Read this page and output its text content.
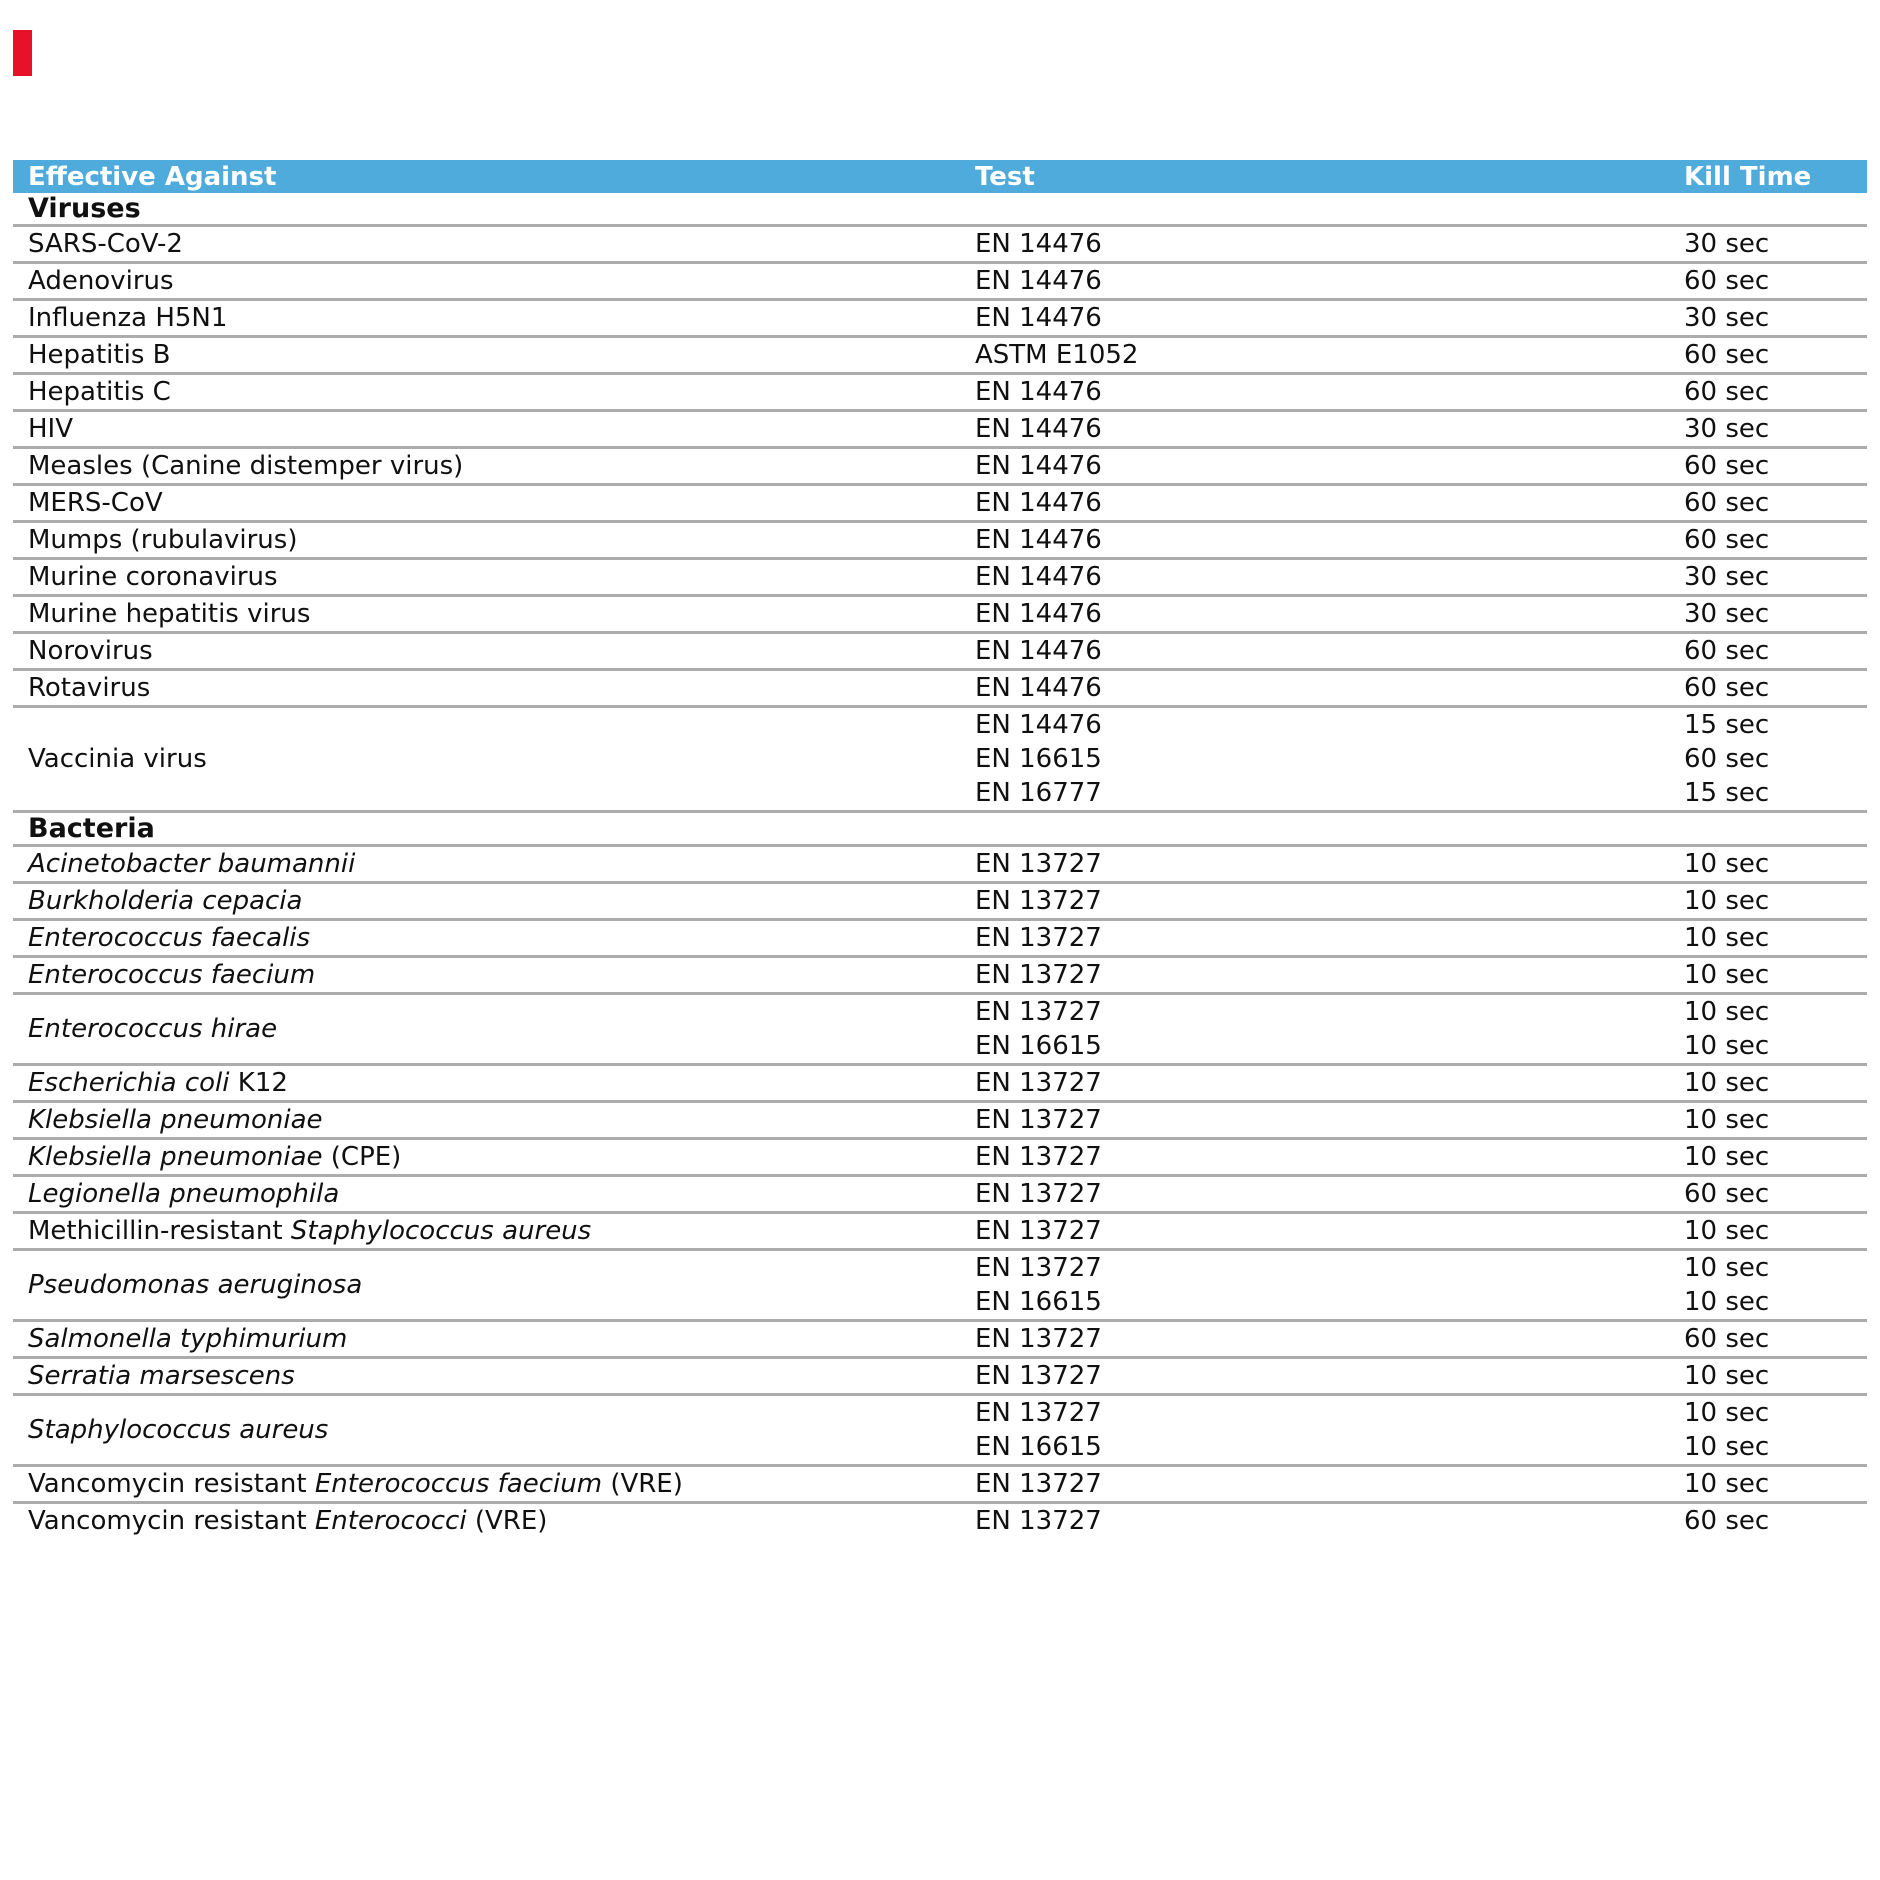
Effective Against	Test	Kill Time
Viruses
SARS-CoV-2	EN 14476	30 sec
Adenovirus	EN 14476	60 sec
Influenza H5N1	EN 14476	30 sec
Hepatitis B	ASTM E1052	60 sec
Hepatitis C	EN 14476	60 sec
HIV	EN 14476	30 sec
Measles (Canine distemper virus)	EN 14476	60 sec
MERS-CoV	EN 14476	60 sec
Mumps (rubulavirus)	EN 14476	60 sec
Murine coronavirus	EN 14476	30 sec
Murine hepatitis virus	EN 14476	30 sec
Norovirus	EN 14476	60 sec
Rotavirus	EN 14476	60 sec
Vaccinia virus
EN 14476	15 sec
EN 16615	60 sec
EN 16777	15 sec
Bacteria
Acinetobacter baumannii	EN 13727	10 sec
Burkholderia cepacia	EN 13727	10 sec
Enterococcus faecalis	EN 13727	10 sec
Enterococcus faecium	EN 13727	10 sec
Enterococcus hirae
EN 13727	10 sec
EN 16615	10 sec
Escherichia coli K12	EN 13727	10 sec
Klebsiella pneumoniae	EN 13727	10 sec
Klebsiella pneumoniae (CPE)	EN 13727	10 sec
Legionella pneumophila	EN 13727	60 sec
Methicillin-resistant Staphylococcus aureus	EN 13727	10 sec
Pseudomonas aeruginosa
EN 13727	10 sec
EN 16615	10 sec
Salmonella typhimurium	EN 13727	60 sec
Serratia marsescens	EN 13727	10 sec
Staphylococcus aureus
EN 13727	10 sec
EN 16615	10 sec
Vancomycin resistant Enterococcus faecium (VRE)	EN 13727	10 sec
Vancomycin resistant Enterococci (VRE)	EN 13727	60 sec
